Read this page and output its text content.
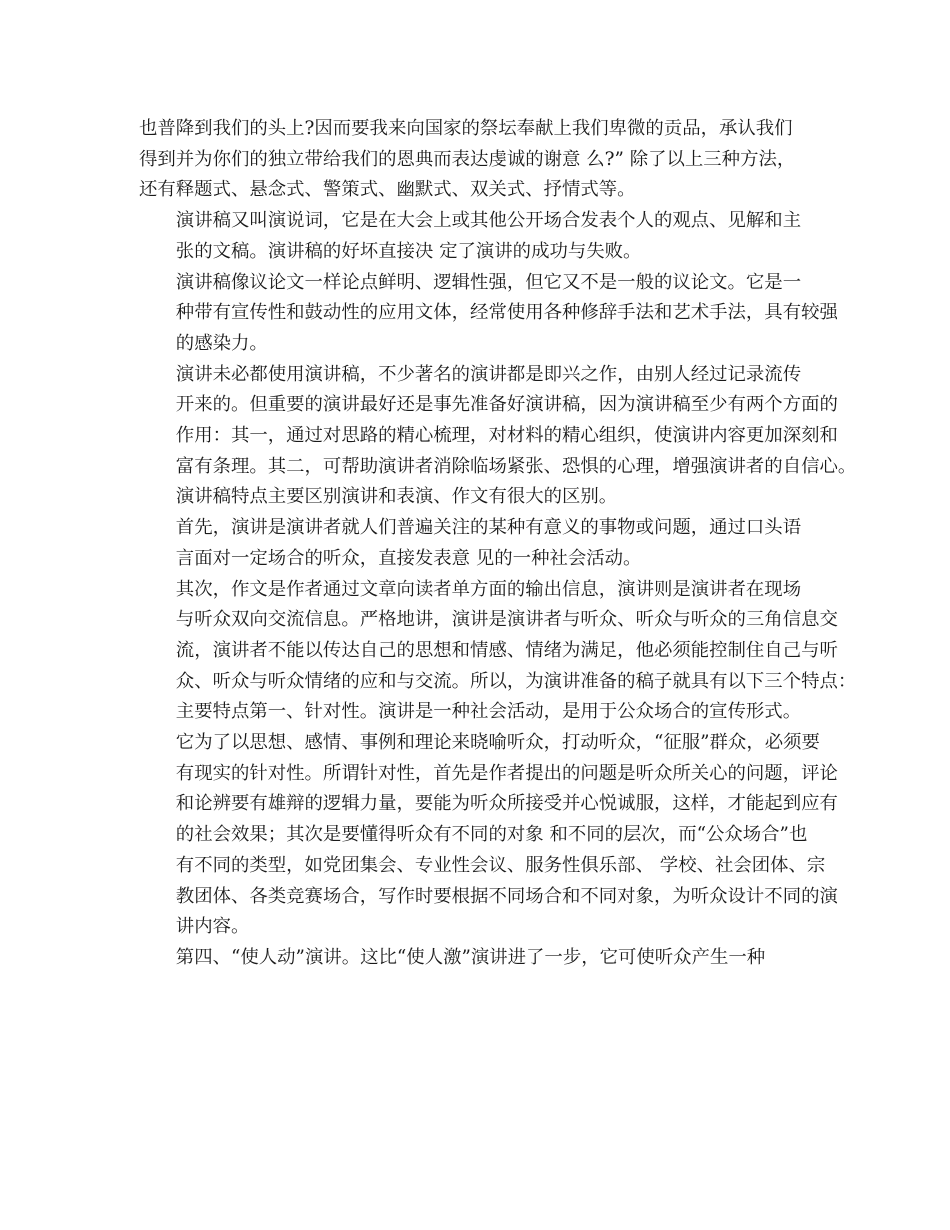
也普降到我们的头上?因而要我来向国家的祭坛奉献上我们卑微的贡品，承认我们
得到并为你们的独立带给我们的恩典而表达虔诚的谢意 么?” 除了以上三种方法，
还有释题式、悬念式、警策式、幽默式、双关式、抒情式等。

演讲稿又叫演说词，它是在大会上或其他公开场合发表个人的观点、见解和主
张的文稿。演讲稿的好坏直接决 定了演讲的成功与失败。

演讲稿像议论文一样论点鲜明、逻辑性强，但它又不是一般的议论文。它是一
种带有宣传性和鼓动性的应用文体，经常使用各种修辞手法和艺术手法，具有较强
的感染力。

演讲未必都使用演讲稿，不少著名的演讲都是即兴之作，由别人经过记录流传
开来的。但重要的演讲最好还是事先准备好演讲稿，因为演讲稿至少有两个方面的
作用：其一，通过对思路的精心梳理，对材料的精心组织，使演讲内容更加深刻和
富有条理。其二，可帮助演讲者消除临场紧张、恐惧的心理，增强演讲者的自信心。

演讲稿特点主要区别演讲和表演、作文有很大的区别。

首先，演讲是演讲者就人们普遍关注的某种有意义的事物或问题，通过口头语
言面对一定场合的听众，直接发表意 见的一种社会活动。

其次，作文是作者通过文章向读者单方面的输出信息，演讲则是演讲者在现场
与听众双向交流信息。严格地讲，演讲是演讲者与听众、听众与听众的三角信息交
流，演讲者不能以传达自己的思想和情感、情绪为满足，他必须能控制住自己与听
众、听众与听众情绪的应和与交流。所以，为演讲准备的稿子就具有以下三个特点：

主要特点第一、针对性。演讲是一种社会活动，是用于公众场合的宣传形式。
它为了以思想、感情、事例和理论来晓喻听众，打动听众，“征服”群众，必须要
有现实的针对性。所谓针对性，首先是作者提出的问题是听众所关心的问题，评论
和论辨要有雄辩的逻辑力量，要能为听众所接受并心悦诚服，这样，才能起到应有
的社会效果；其次是要懂得听众有不同的对象 和不同的层次，而“公众场合”也
有不同的类型，如党团集会、专业性会议、服务性俱乐部、 学校、社会团体、宗
教团体、各类竞赛场合，写作时要根据不同场合和不同对象，为听众设计不同的演
讲内容。

第四、“使人动”演讲。这比“使人激”演讲进了一步，它可使听众产生一种
